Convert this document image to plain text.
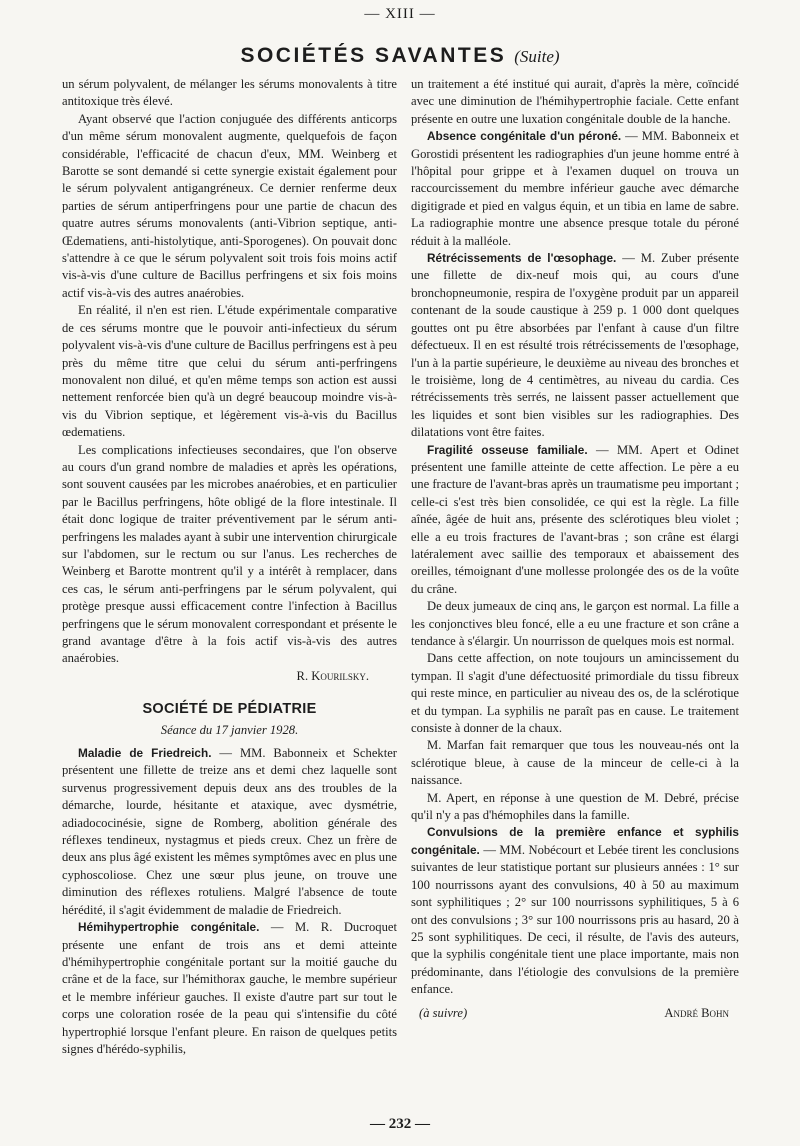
— XIII —
SOCIÉTÉS SAVANTES (Suite)

un sérum polyvalent, de mélanger les sérums monovalents à titre antitoxique très élevé.

Ayant observé que l'action conjuguée des différents anticorps d'un même sérum monovalent augmente, quelquefois de façon considérable, l'efficacité de chacun d'eux, MM. Weinberg et Barotte se sont demandé si cette synergie existait également pour le sérum polyvalent antigangréneux. Ce dernier renferme deux parties de sérum antiperfringens pour une partie de chacun des quatre autres sérums monovalents (anti-Vibrion septique, anti-Œdematiens, anti-histolytique, anti-Sporogenes). On pouvait donc s'attendre à ce que le sérum polyvalent soit trois fois moins actif vis-à-vis d'une culture de Bacillus perfringens et six fois moins actif vis-à-vis des autres anaérobies.

En réalité, il n'en est rien. L'étude expérimentale comparative de ces sérums montre que le pouvoir anti-infectieux du sérum polyvalent vis-à-vis d'une culture de Bacillus perfringens est à peu près du même titre que celui du sérum anti-perfringens monovalent non dilué, et qu'en même temps son action est aussi nettement renforcée bien qu'à un degré beaucoup moindre vis-à-vis du Vibrion septique, et légèrement vis-à-vis du Bacillus œdematiens.

Les complications infectieuses secondaires, que l'on observe au cours d'un grand nombre de maladies et après les opérations, sont souvent causées par les microbes anaérobies, et en particulier par le Bacillus perfringens, hôte obligé de la flore intestinale. Il était donc logique de traiter préventivement par le sérum anti-perfringens les malades ayant à subir une intervention chirurgicale sur l'abdomen, sur le rectum ou sur l'anus. Les recherches de Weinberg et Barotte montrent qu'il y a intérêt à remplacer, dans ces cas, le sérum anti-perfringens par le sérum polyvalent, qui protège presque aussi efficacement contre l'infection à Bacillus perfringens que le sérum monovalent correspondant et présente le grand avantage d'être à la fois actif vis-à-vis des autres anaérobies.

R. Kourilsky.

SOCIÉTÉ DE PÉDIATRIE
Séance du 17 janvier 1928.

Maladie de Friedreich. — MM. Babonneix et Schekter présentent une fillette de treize ans et demi chez laquelle sont survenus progressivement depuis deux ans des troubles de la démarche, lourde, hésitante et ataxique, avec dysmétrie, adiadococinésie, signe de Romberg, abolition générale des réflexes tendineux, nystagmus et pieds creux. Chez un frère de deux ans plus âgé existent les mêmes symptômes avec en plus une cyphoscoliose. Chez une sœur plus jeune, on trouve une diminution des réflexes rotuliens. Malgré l'absence de toute hérédité, il s'agit évidemment de maladie de Friedreich.

Hémihypertrophie congénitale. — M. R. Ducroquet présente une enfant de trois ans et demi atteinte d'hémihypertrophie congénitale portant sur la moitié gauche du crâne et de la face, sur l'hémithorax gauche, le membre supérieur et le membre inférieur gauches. Il existe d'autre part sur tout le corps une coloration rosée de la peau qui s'intensifie du côté hypertrophié lorsque l'enfant pleure. En raison de quelques petits signes d'hérédo-syphilis,

un traitement a été institué qui aurait, d'après la mère, coïncidé avec une diminution de l'hémihypertrophie faciale. Cette enfant présente en outre une luxation congénitale double de la hanche.

Absence congénitale d'un péroné. — MM. Babonneix et Gorostidi présentent les radiographies d'un jeune homme entré à l'hôpital pour grippe et à l'examen duquel on trouva un raccourcissement du membre inférieur gauche avec démarche digitigrade et pied en valgus équin, et un tibia en lame de sabre. La radiographie montre une absence presque totale du péroné réduit à la malléole.

Rétrécissements de l'œsophage. — M. Zuber présente une fillette de dix-neuf mois qui, au cours d'une bronchopneumonie, respira de l'oxygène produit par un appareil contenant de la soude caustique à 259 p. 1 000 dont quelques gouttes ont pu être absorbées par l'enfant à cause d'un filtre défectueux. Il en est résulté trois rétrécissements de l'œsophage, l'un à la partie supérieure, le deuxième au niveau des bronches et le troisième, long de 4 centimètres, au niveau du cardia. Ces rétrécissements très serrés, ne laissent passer actuellement que les liquides et sont bien visibles sur les radiographies. Des dilatations vont être faites.

Fragilité osseuse familiale. — MM. Apert et Odinet présentent une famille atteinte de cette affection. Le père a eu une fracture de l'avant-bras après un traumatisme peu important ; celle-ci s'est très bien consolidée, ce qui est la règle. La fille aînée, âgée de huit ans, présente des sclérotiques bleu violet ; elle a eu trois fractures de l'avant-bras ; son crâne est élargi latéralement avec saillie des temporaux et abaissement des oreilles, témoignant d'une mollesse prolongée des os de la voûte du crâne.

De deux jumeaux de cinq ans, le garçon est normal. La fille a les conjonctives bleu foncé, elle a eu une fracture et son crâne a tendance à s'élargir. Un nourrisson de quelques mois est normal.

Dans cette affection, on note toujours un amincissement du tympan. Il s'agit d'une défectuosité primordiale du tissu fibreux qui reste mince, en particulier au niveau des os, de la sclérotique et du tympan. La syphilis ne paraît pas en cause. Le traitement consiste à donner de la chaux.

M. Marfan fait remarquer que tous les nouveau-nés ont la sclérotique bleue, à cause de la minceur de celle-ci à la naissance.

M. Apert, en réponse à une question de M. Debré, précise qu'il n'y a pas d'hémophiles dans la famille.

Convulsions de la première enfance et syphilis congénitale. — MM. Nobécourt et Lebée tirent les conclusions suivantes de leur statistique portant sur plusieurs années : 1° sur 100 nourrissons ayant des convulsions, 40 à 50 au maximum sont syphilitiques ; 2° sur 100 nourrissons syphilitiques, 5 à 6 ont des convulsions ; 3° sur 100 nourrissons pris au hasard, 20 à 25 sont syphilitiques. De ceci, il résulte, de l'avis des auteurs, que la syphilis congénitale tient une place importante, mais non prédominante, dans l'étiologie des convulsions de la première enfance.

(à suivre)	André Bohn
— 232 —
